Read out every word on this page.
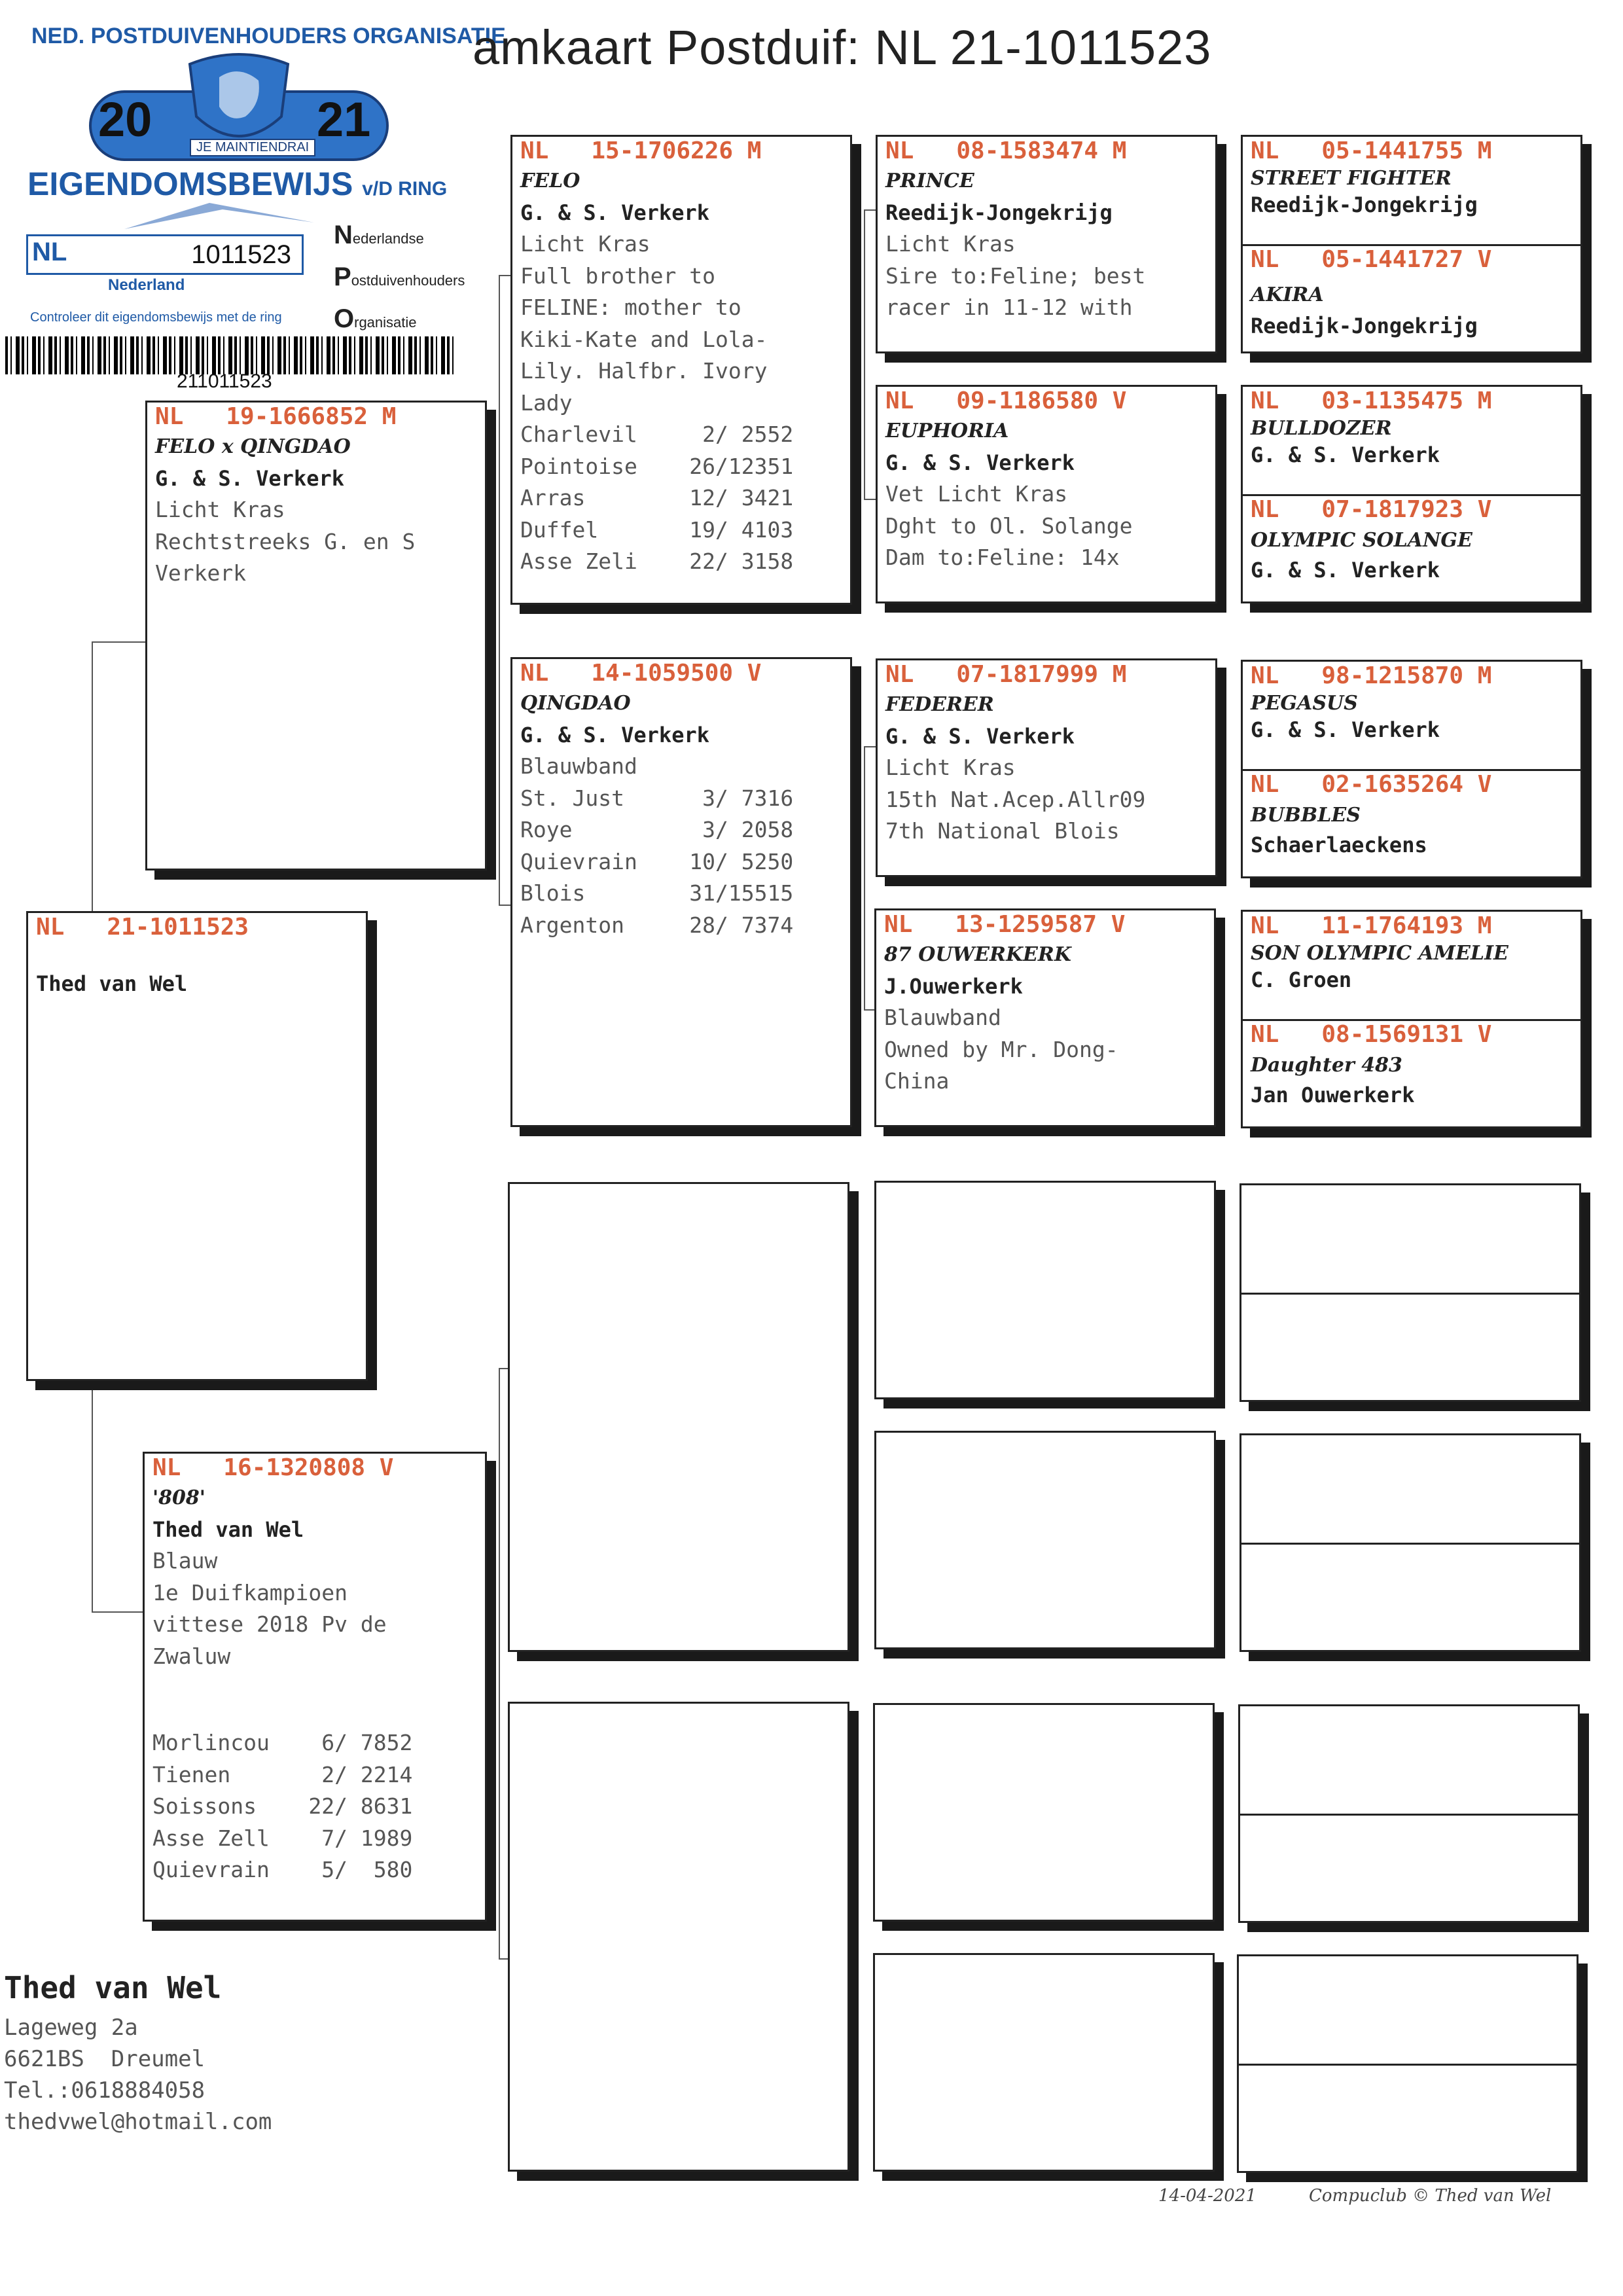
NED. POSTDUIVENHOUDERS ORGANISATIE
20	21
JE MAINTIENDRAI
EIGENDOMSBEWIJS v/D RING
NL	1011523
Nederland
Nederlandse
Postduivenhouders
Organisatie
Controleer dit eigendomsbewijs met de ring
211011523
amkaart Postduif: NL 21-1011523
NL   21-1011523
Thed van Wel
NL   19-1666852 M
FELO x QINGDAO
G. & S. Verkerk
Licht Kras
Rechtstreeks G. en S
Verkerk
NL   16-1320808 V
'808'
Thed van Wel
Blauw
1e Duifkampioen
vittese 2018 Pv de
Zwaluw
Morlincou    6/ 7852
Tienen       2/ 2214
Soissons    22/ 8631
Asse Zell    7/ 1989
Quievrain    5/  580
NL   15-1706226 M
FELO
G. & S. Verkerk
Licht Kras
Full brother to
FELINE: mother to
Kiki-Kate and Lola-
Lily. Halfbr. Ivory
Lady
Charlevil     2/ 2552
Pointoise    26/12351
Arras        12/ 3421
Duffel       19/ 4103
Asse Zeli    22/ 3158
NL   14-1059500 V
QINGDAO
G. & S. Verkerk
Blauwband
St. Just      3/ 7316
Roye          3/ 2058
Quievrain    10/ 5250
Blois        31/15515
Argenton     28/ 7374
NL   08-1583474 M
PRINCE
Reedijk-Jongekrijg
Licht Kras
Sire to:Feline; best
racer in 11-12 with
NL   09-1186580 V
EUPHORIA
G. & S. Verkerk
Vet Licht Kras
Dght to Ol. Solange
Dam to:Feline: 14x
NL   07-1817999 M
FEDERER
G. & S. Verkerk
Licht Kras
15th Nat.Acep.Allr09
7th National Blois
NL   13-1259587 V
87 OUWERKERK
J.Ouwerkerk
Blauwband
Owned by Mr. Dong-
China
NL   05-1441755 M
STREET FIGHTER
Reedijk-Jongekrijg
NL   05-1441727 V
AKIRA
Reedijk-Jongekrijg
NL   03-1135475 M
BULLDOZER
G. & S. Verkerk
NL   07-1817923 V
OLYMPIC SOLANGE
G. & S. Verkerk
NL   98-1215870 M
PEGASUS
G. & S. Verkerk
NL   02-1635264 V
BUBBLES
Schaerlaeckens
NL   11-1764193 M
SON OLYMPIC AMELIE
C. Groen
NL   08-1569131 V
Daughter 483
Jan Ouwerkerk
Thed van Wel
Lageweg 2a
6621BS  Dreumel
Tel.:0618884058
thedvwel@hotmail.com
14-04-2021	Compuclub © Thed van Wel
